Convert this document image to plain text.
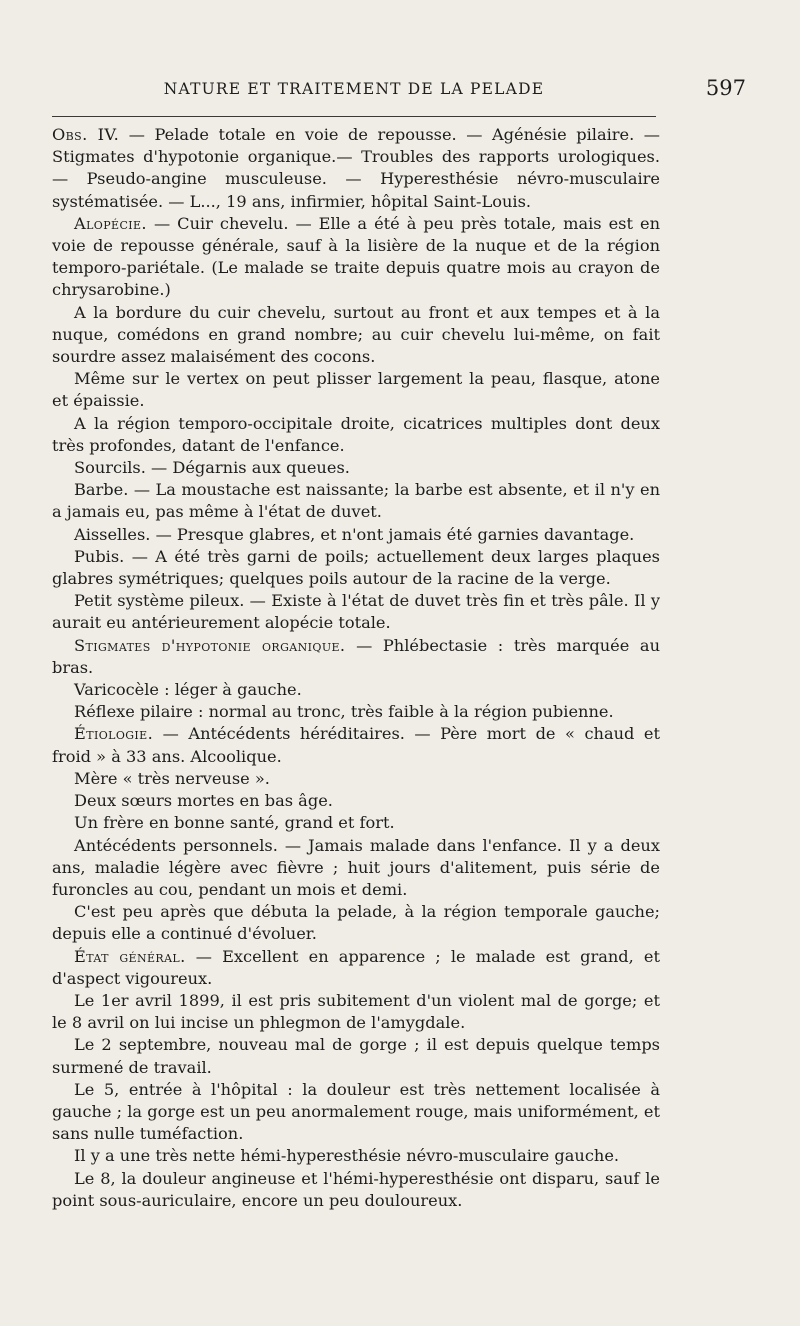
NATURE ET TRAITEMENT DE LA PELADE	597

Obs. IV. — Pelade totale en voie de repousse. — Agénésie pilaire. — Stigmates d'hypotonie organique.— Troubles des rapports urologiques. — Pseudo-angine musculeuse. — Hyperesthésie névro-musculaire systématisée. — L..., 19 ans, infirmier, hôpital Saint-Louis.

Alopécie. — Cuir chevelu. — Elle a été à peu près totale, mais est en voie de repousse générale, sauf à la lisière de la nuque et de la région temporo-pariétale. (Le malade se traite depuis quatre mois au crayon de chrysarobine.)

A la bordure du cuir chevelu, surtout au front et aux tempes et à la nuque, comédons en grand nombre; au cuir chevelu lui-même, on fait sourdre assez malaisément des cocons.

Même sur le vertex on peut plisser largement la peau, flasque, atone et épaissie.

A la région temporo-occipitale droite, cicatrices multiples dont deux très profondes, datant de l'enfance.

Sourcils. — Dégarnis aux queues.

Barbe. — La moustache est naissante; la barbe est absente, et il n'y en a jamais eu, pas même à l'état de duvet.

Aisselles. — Presque glabres, et n'ont jamais été garnies davantage.

Pubis. — A été très garni de poils; actuellement deux larges plaques glabres symétriques; quelques poils autour de la racine de la verge.

Petit système pileux. — Existe à l'état de duvet très fin et très pâle. Il y aurait eu antérieurement alopécie totale.

Stigmates d'hypotonie organique. — Phlébectasie : très marquée au bras.

Varicocèle : léger à gauche.

Réflexe pilaire : normal au tronc, très faible à la région pubienne.

Étiologie. — Antécédents héréditaires. — Père mort de « chaud et froid » à 33 ans. Alcoolique.

Mère « très nerveuse ».

Deux sœurs mortes en bas âge.

Un frère en bonne santé, grand et fort.

Antécédents personnels. — Jamais malade dans l'enfance. Il y a deux ans, maladie légère avec fièvre ; huit jours d'alitement, puis série de furoncles au cou, pendant un mois et demi.

C'est peu après que débuta la pelade, à la région temporale gauche; depuis elle a continué d'évoluer.

État général. — Excellent en apparence ; le malade est grand, et d'aspect vigoureux.

Le 1er avril 1899, il est pris subitement d'un violent mal de gorge; et le 8 avril on lui incise un phlegmon de l'amygdale.

Le 2 septembre, nouveau mal de gorge ; il est depuis quelque temps surmené de travail.

Le 5, entrée à l'hôpital : la douleur est très nettement localisée à gauche ; la gorge est un peu anormalement rouge, mais uniformément, et sans nulle tuméfaction.

Il y a une très nette hémi-hyperesthésie névro-musculaire gauche.

Le 8, la douleur angineuse et l'hémi-hyperesthésie ont disparu, sauf le point sous-auriculaire, encore un peu douloureux.
